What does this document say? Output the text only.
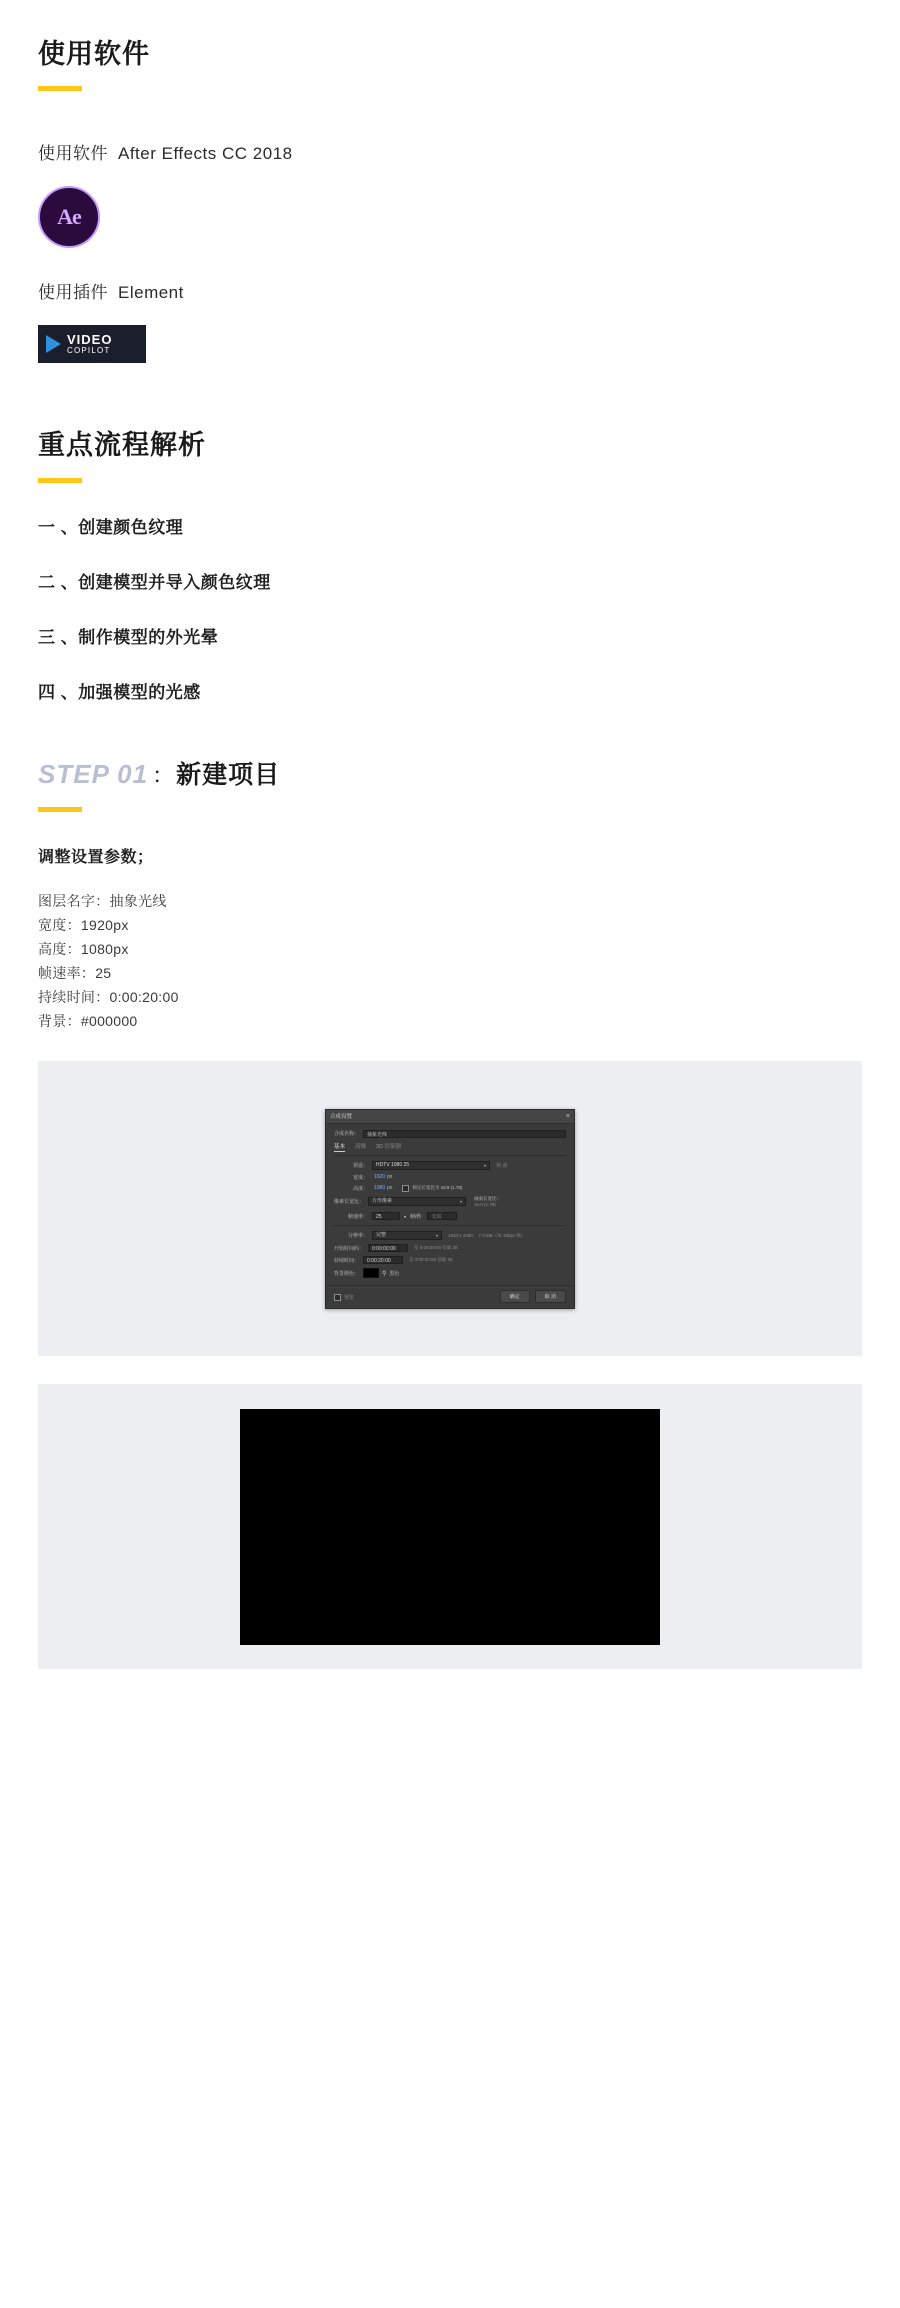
使用软件
使用软件 After Effects CC 2018
Ae
使用插件 Element
VIDEO
COPILOT
重点流程解析
一 、创建颜色纹理
二 、创建模型并导入颜色纹理
三 、制作模型的外光晕
四 、加强模型的光感
STEP 01 ： 新建项目
调整设置参数；
图层名字：抽象光线
宽度：1920px
高度：1080px
帧速率：25
持续时间：0:00:20:00
背景：#000000
合成设置	×
合成名称：	抽象光线
基本 高级 3D 渲染器
预设： HDTV 1080 25	▾ 预 备
宽度： 1920 px
高度： 1080 px	锁定长宽比为 16:9 (1.78)
像素长宽比： 方形像素	▾
画面长宽比：
16:9 (1.78)
帧速率：	25	▾ 帧/秒	无需
分辨率： 完整	▾ 1920 x 1080 ，7.9 MB（每 32bpc 帧）
开始时间码：	0:00:00:00	是 0:00:00:00 基础 25
持续时间：	0:00:20:00	是 0:00:20:00 基础 25
背景颜色：	⚲ 黑色
预览	确定	取 消
